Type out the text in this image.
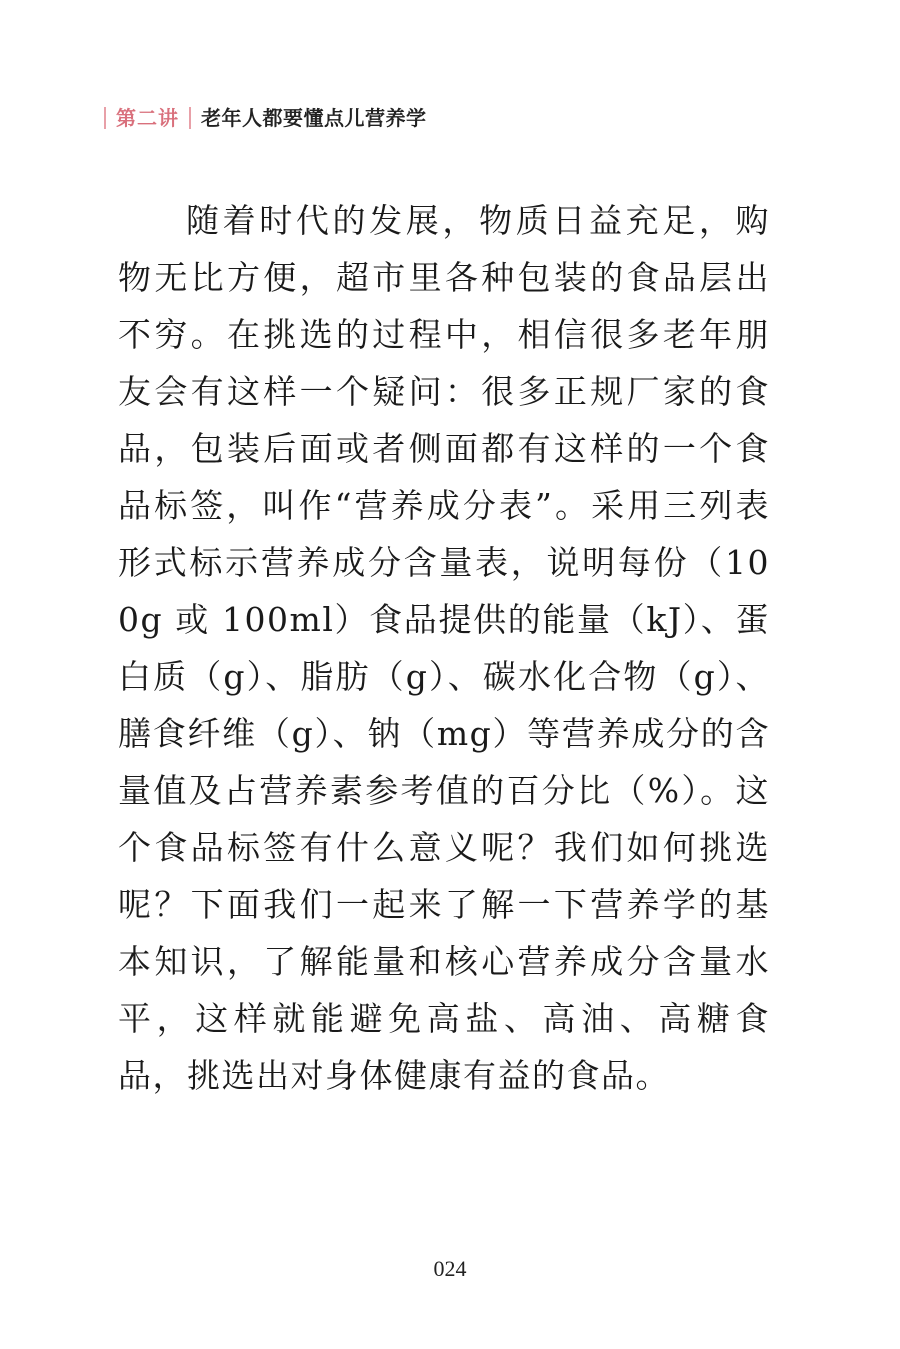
第二讲 老年人都要懂点儿营养学

随着时代的发展，物质日益充足，购物无比方便，超市里各种包装的食品层出不穷。在挑选的过程中，相信很多老年朋友会有这样一个疑问：很多正规厂家的食品，包装后面或者侧面都有这样的一个食品标签，叫作“营养成分表”。采用三列表形式标示营养成分含量表，说明每份（100g 或 100ml）食品提供的能量（kJ）、蛋白质（g）、脂肪（g）、碳水化合物（g）、膳食纤维（g）、钠（mg）等营养成分的含量值及占营养素参考值的百分比（%）。这个食品标签有什么意义呢？我们如何挑选呢？下面我们一起来了解一下营养学的基本知识，了解能量和核心营养成分含量水平，这样就能避免高盐、高油、高糖食品，挑选出对身体健康有益的食品。

024
